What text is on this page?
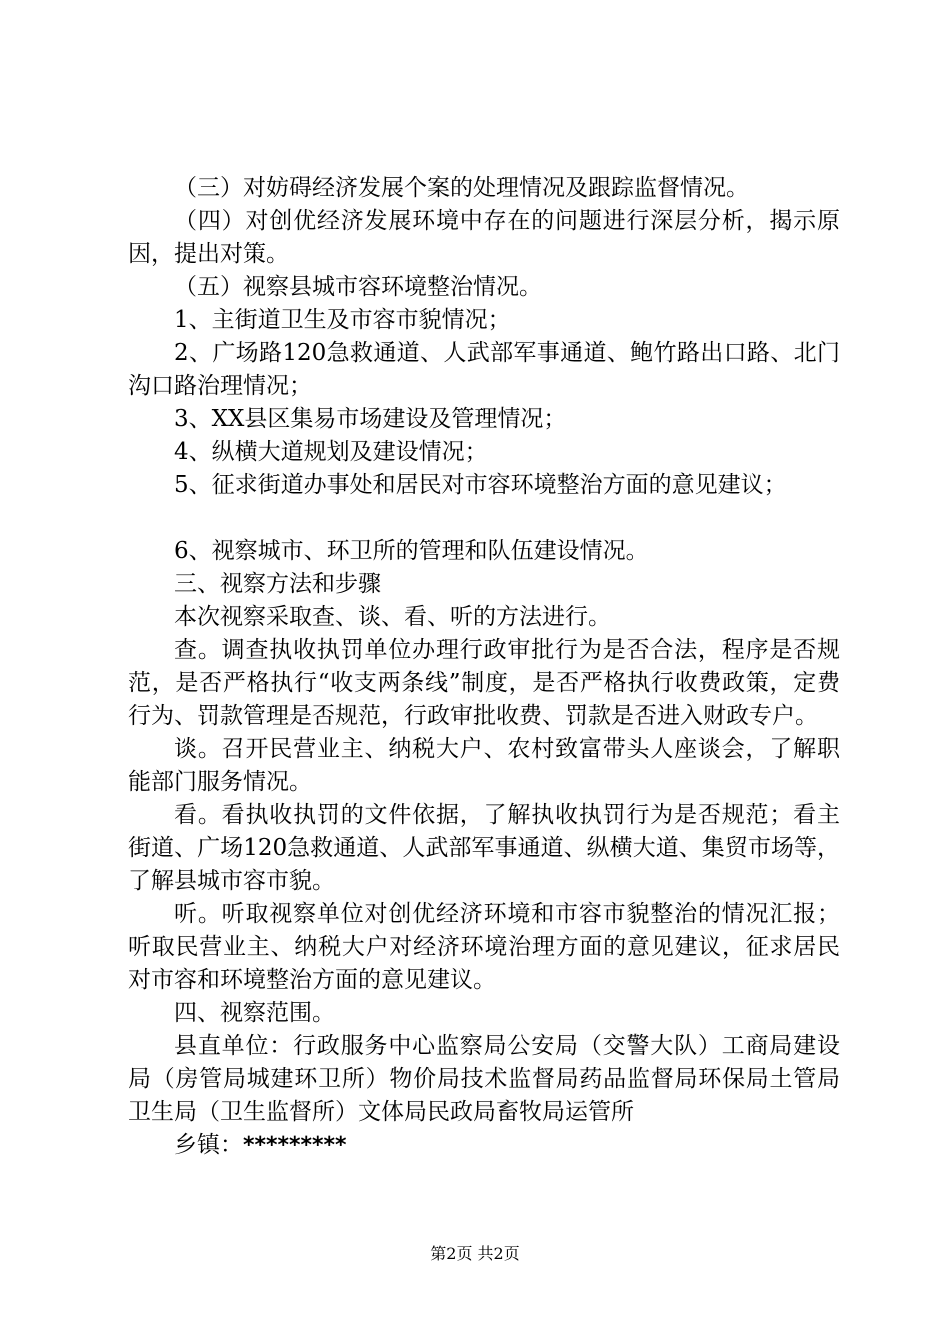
（三）对妨碍经济发展个案的处理情况及跟踪监督情况。

（四）对创优经济发展环境中存在的问题进行深层分析，揭示原因，提出对策。

（五）视察县城市容环境整治情况。

1、主街道卫生及市容市貌情况；

2、广场路120急救通道、人武部军事通道、鲍竹路出口路、北门沟口路治理情况；

3、XX县区集易市场建设及管理情况；

4、纵横大道规划及建设情况；

5、征求街道办事处和居民对市容环境整治方面的意见建议；

6、视察城市、环卫所的管理和队伍建设情况。

三、视察方法和步骤

本次视察采取查、谈、看、听的方法进行。

查。调查执收执罚单位办理行政审批行为是否合法，程序是否规范，是否严格执行“收支两条线”制度，是否严格执行收费政策，定费行为、罚款管理是否规范，行政审批收费、罚款是否进入财政专户。

谈。召开民营业主、纳税大户、农村致富带头人座谈会，了解职能部门服务情况。

看。看执收执罚的文件依据，了解执收执罚行为是否规范；看主街道、广场120急救通道、人武部军事通道、纵横大道、集贸市场等，了解县城市容市貌。

听。听取视察单位对创优经济环境和市容市貌整治的情况汇报；听取民营业主、纳税大户对经济环境治理方面的意见建议，征求居民对市容和环境整治方面的意见建议。

四、视察范围。

县直单位：行政服务中心监察局公安局（交警大队）工商局建设局（房管局城建环卫所）物价局技术监督局药品监督局环保局土管局卫生局（卫生监督所）文体局民政局畜牧局运管所

乡镇：*********

第2页 共2页
